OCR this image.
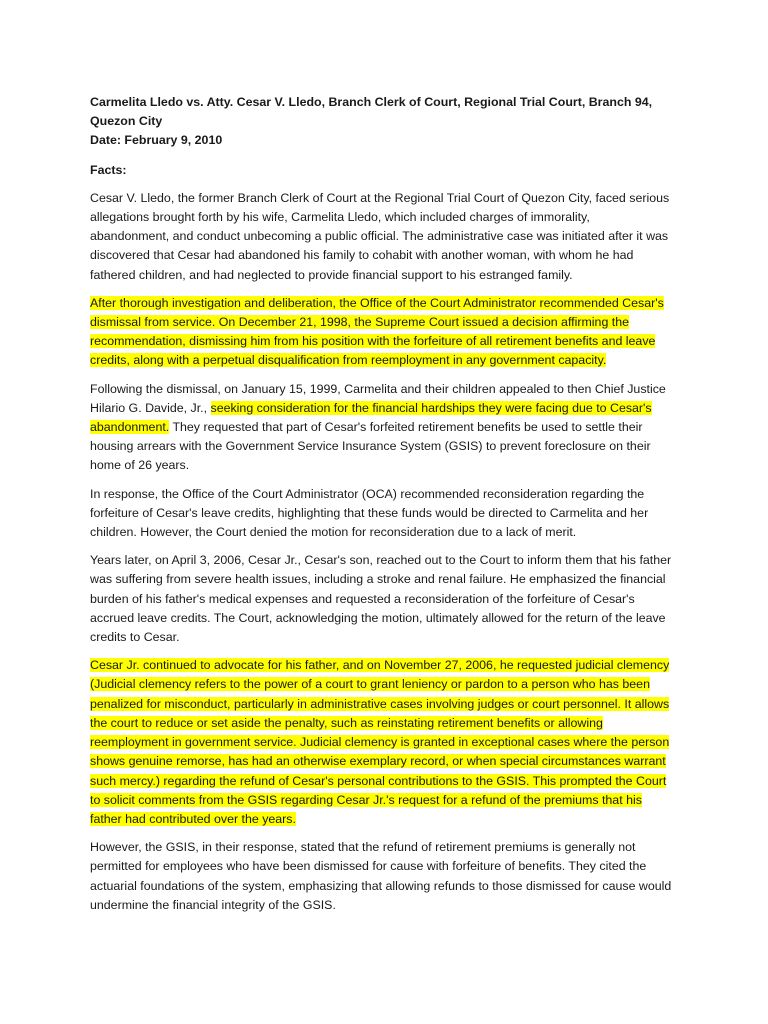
Carmelita Lledo vs. Atty. Cesar V. Lledo, Branch Clerk of Court, Regional Trial Court, Branch 94, Quezon City
Date: February 9, 2010
Facts:

Cesar V. Lledo, the former Branch Clerk of Court at the Regional Trial Court of Quezon City, faced serious allegations brought forth by his wife, Carmelita Lledo, which included charges of immorality, abandonment, and conduct unbecoming a public official. The administrative case was initiated after it was discovered that Cesar had abandoned his family to cohabit with another woman, with whom he had fathered children, and had neglected to provide financial support to his estranged family.

After thorough investigation and deliberation, the Office of the Court Administrator recommended Cesar's dismissal from service. On December 21, 1998, the Supreme Court issued a decision affirming the recommendation, dismissing him from his position with the forfeiture of all retirement benefits and leave credits, along with a perpetual disqualification from reemployment in any government capacity.

Following the dismissal, on January 15, 1999, Carmelita and their children appealed to then Chief Justice Hilario G. Davide, Jr., seeking consideration for the financial hardships they were facing due to Cesar's abandonment. They requested that part of Cesar's forfeited retirement benefits be used to settle their housing arrears with the Government Service Insurance System (GSIS) to prevent foreclosure on their home of 26 years.

In response, the Office of the Court Administrator (OCA) recommended reconsideration regarding the forfeiture of Cesar's leave credits, highlighting that these funds would be directed to Carmelita and her children. However, the Court denied the motion for reconsideration due to a lack of merit.

Years later, on April 3, 2006, Cesar Jr., Cesar's son, reached out to the Court to inform them that his father was suffering from severe health issues, including a stroke and renal failure. He emphasized the financial burden of his father's medical expenses and requested a reconsideration of the forfeiture of Cesar's accrued leave credits. The Court, acknowledging the motion, ultimately allowed for the return of the leave credits to Cesar.

Cesar Jr. continued to advocate for his father, and on November 27, 2006, he requested judicial clemency (Judicial clemency refers to the power of a court to grant leniency or pardon to a person who has been penalized for misconduct, particularly in administrative cases involving judges or court personnel. It allows the court to reduce or set aside the penalty, such as reinstating retirement benefits or allowing reemployment in government service. Judicial clemency is granted in exceptional cases where the person shows genuine remorse, has had an otherwise exemplary record, or when special circumstances warrant such mercy.) regarding the refund of Cesar's personal contributions to the GSIS. This prompted the Court to solicit comments from the GSIS regarding Cesar Jr.'s request for a refund of the premiums that his father had contributed over the years.

However, the GSIS, in their response, stated that the refund of retirement premiums is generally not permitted for employees who have been dismissed for cause with forfeiture of benefits. They cited the actuarial foundations of the system, emphasizing that allowing refunds to those dismissed for cause would undermine the financial integrity of the GSIS.
